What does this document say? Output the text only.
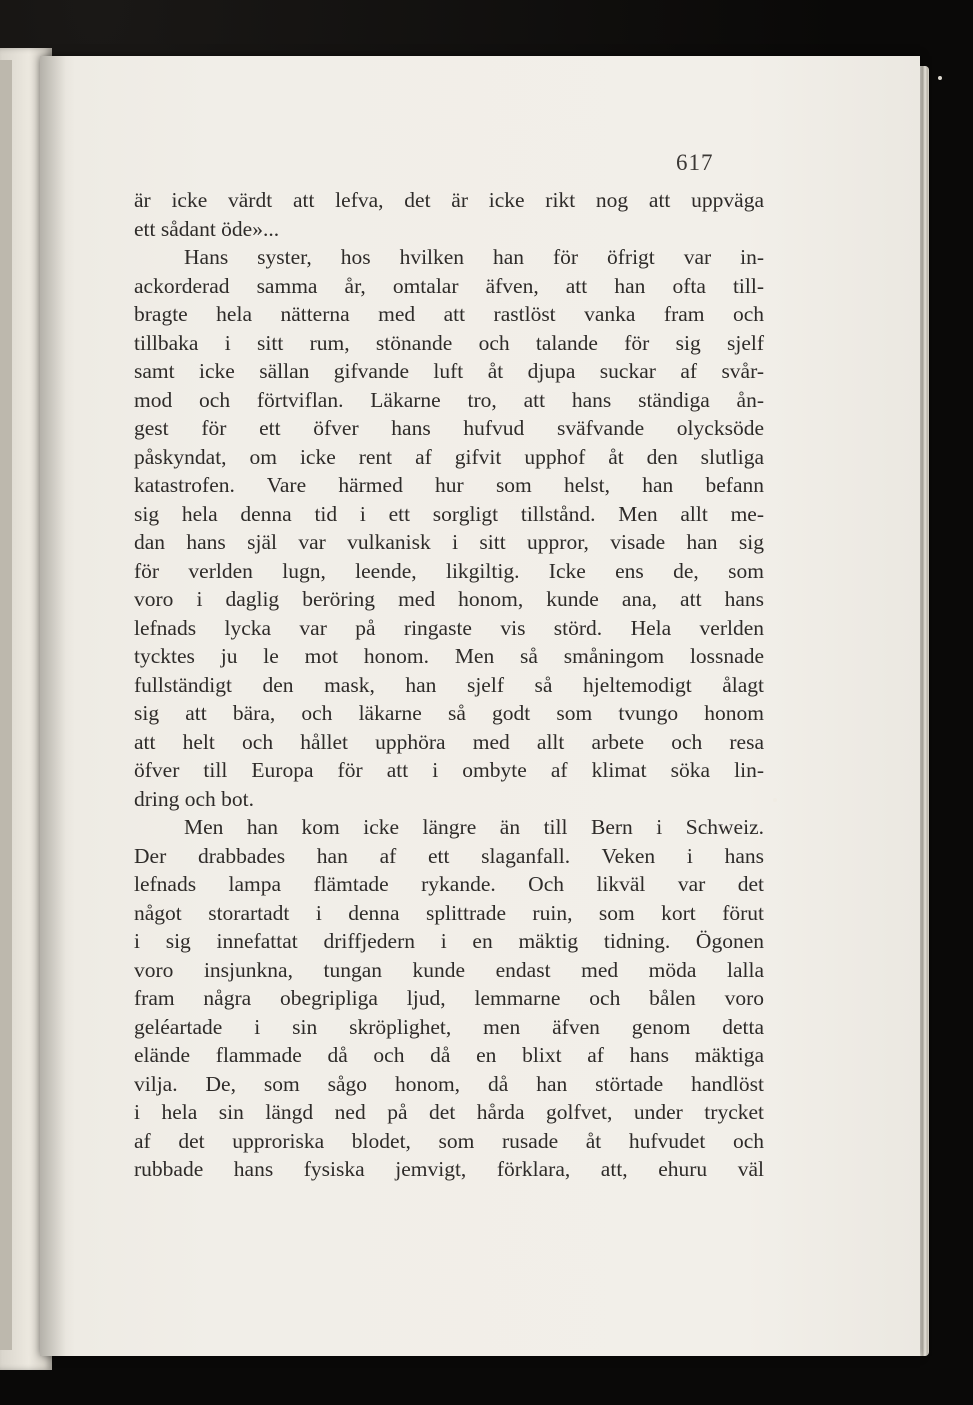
617

är icke värdt att lefva, det är icke rikt nog att uppväga
ett sådant öde»...
Hans syster, hos hvilken han för öfrigt var in-
ackorderad samma år, omtalar äfven, att han ofta till-
bragte hela nätterna med att rastlöst vanka fram och
tillbaka i sitt rum, stönande och talande för sig sjelf
samt icke sällan gifvande luft åt djupa suckar af svår-
mod och förtviflan. Läkarne tro, att hans ständiga ån-
gest för ett öfver hans hufvud sväfvande olycksöde
påskyndat, om icke rent af gifvit upphof åt den slutliga
katastrofen. Vare härmed hur som helst, han befann
sig hela denna tid i ett sorgligt tillstånd. Men allt me-
dan hans själ var vulkanisk i sitt uppror, visade han sig
för verlden lugn, leende, likgiltig. Icke ens de, som
voro i daglig beröring med honom, kunde ana, att hans
lefnads lycka var på ringaste vis störd. Hela verlden
tycktes ju le mot honom. Men så småningom lossnade
fullständigt den mask, han sjelf så hjeltemodigt ålagt
sig att bära, och läkarne så godt som tvungo honom
att helt och hållet upphöra med allt arbete och resa
öfver till Europa för att i ombyte af klimat söka lin-
dring och bot.
Men han kom icke längre än till Bern i Schweiz.
Der drabbades han af ett slaganfall. Veken i hans
lefnads lampa flämtade rykande. Och likväl var det
något storartadt i denna splittrade ruin, som kort förut
i sig innefattat driffjedern i en mäktig tidning. Ögonen
voro insjunkna, tungan kunde endast med möda lalla
fram några obegripliga ljud, lemmarne och bålen voro
geléartade i sin skröplighet, men äfven genom detta
elände flammade då och då en blixt af hans mäktiga
vilja. De, som sågo honom, då han störtade handlöst
i hela sin längd ned på det hårda golfvet, under trycket
af det upproriska blodet, som rusade åt hufvudet och
rubbade hans fysiska jemvigt, förklara, att, ehuru väl
